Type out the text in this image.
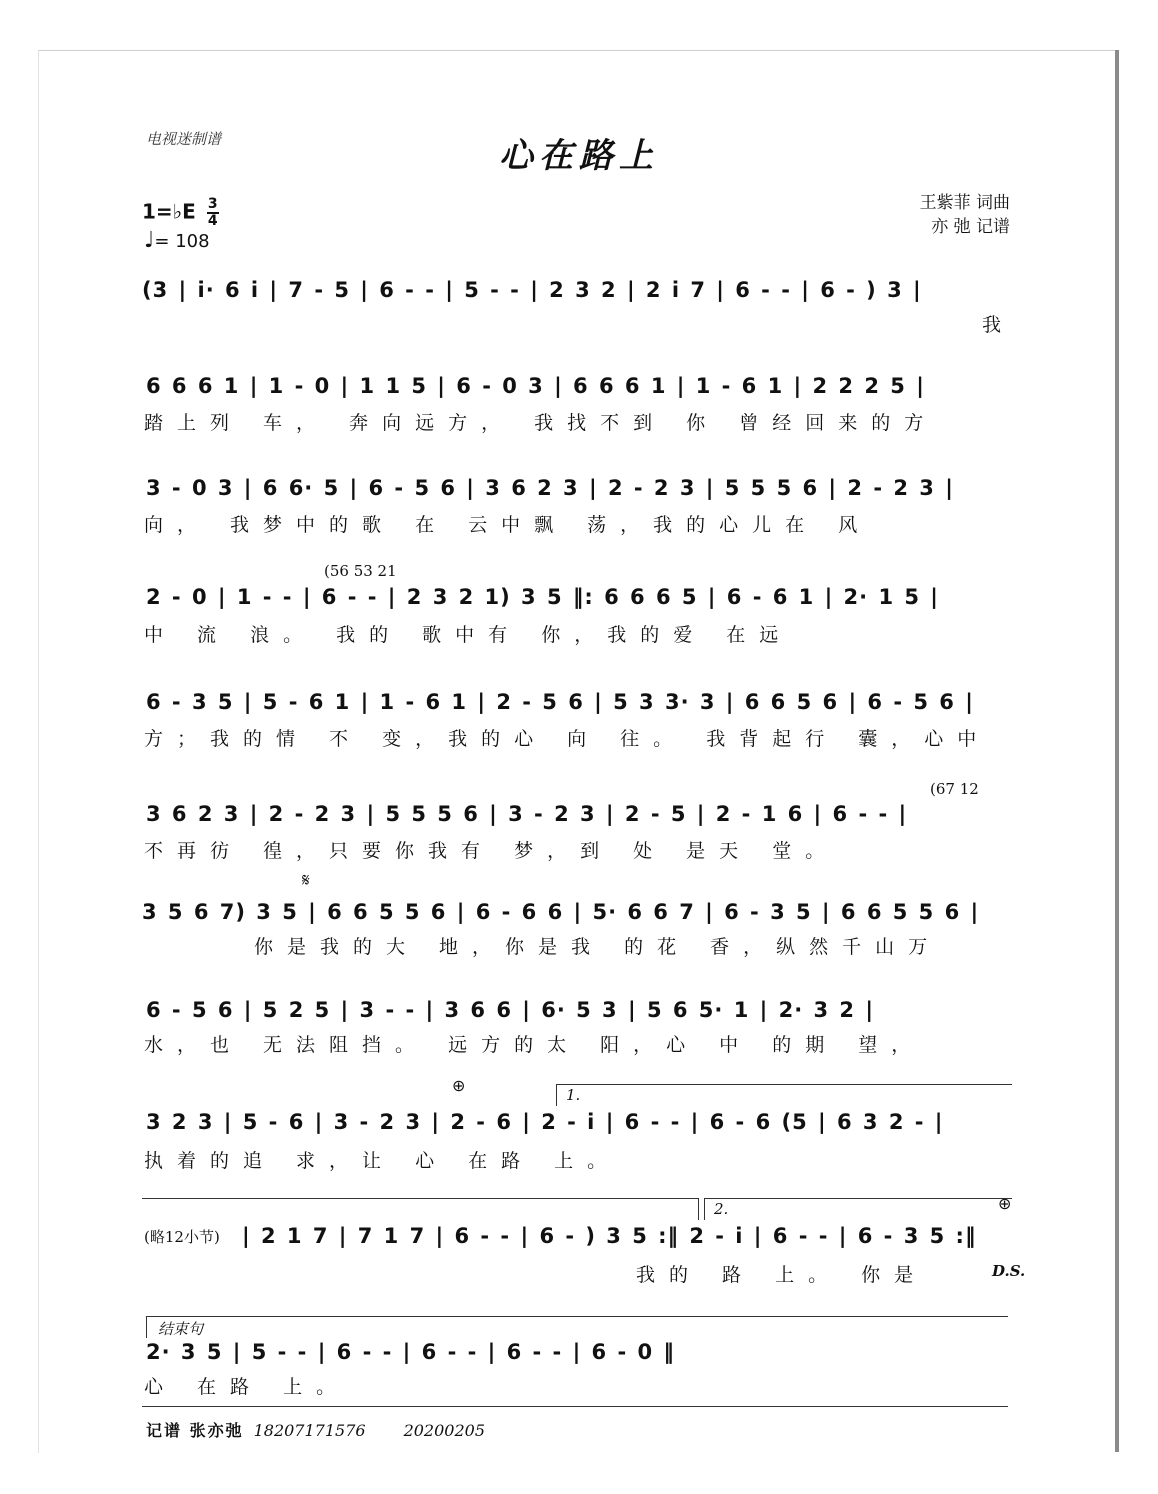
电视迷制谱	心在路上
王紫菲 词曲
亦 弛 记谱
1=♭E $\frac{3}{4}$
♩= 108
(3 | i· 6 i | 7 - 5 | 6 - - | 5 - - | 2 3 2 | 2 i 7 | 6 - - | 6 - ) 3 |
我
6 6 6 1 | 1 - 0 | 1 1 5 | 6 - 0 3 | 6 6 6 1 | 1 - 6 1 | 2 2 2 5 |
踏上列 车， 奔向远方， 我找不到 你 曾经回来的方
3 - 0 3 | 6 6· 5 | 6 - 5 6 | 3 6 2 3 | 2 - 2 3 | 5 5 5 6 | 2 - 2 3 |
向， 我梦中的歌 在 云中飘 荡，我的心儿在 风
(56 53 21
2 - 0 | 1 - - | 6 - - | 2 3 2 1) 3 5 ‖: 6 6 6 5 | 6 - 6 1 | 2· 1 5 |
中 流 浪。 我的 歌中有 你，我的爱 在远
6 - 3 5 | 5 - 6 1 | 1 - 6 1 | 2 - 5 6 | 5 3 3· 3 | 6 6 5 6 | 6 - 5 6 |
方；我的情 不 变，我的心 向 往。 我背起行 囊，心中
(67 12
3 6 2 3 | 2 - 2 3 | 5 5 5 6 | 3 - 2 3 | 2 - 5 | 2 - 1 6 | 6 - - |
不再彷 徨，只要你我有 梦，到 处 是天 堂。
𝄋
3 5 6 7) 3 5 | 6 6 5 5 6 | 6 - 6 6 | 5· 6 6 7 | 6 - 3 5 | 6 6 5 5 6 |
你是我的大 地，你是我 的花 香，纵然千山万
6 - 5 6 | 5 2 5 | 3 - - | 3 6 6 | 6· 5 3 | 5 6 5· 1 | 2· 3 2 |
水，也 无法阻挡。 远方的太 阳，心 中 的期 望，
⊕	1.
3 2 3 | 5 - 6 | 3 - 2 3 | 2 - 6 | 2 - i | 6 - - | 6 - 6 (5 | 6 3 2 - |
执着的追 求，让 心 在路 上。
2.	⊕
(略12小节) | 2 1 7 | 7 1 7 | 6 - - | 6 - ) 3 5 :‖ 2 - i | 6 - - | 6 - 3 5 :‖
我的 路 上。 你是	D.S.
结束句
2· 3 5 | 5 - - | 6 - - | 6 - - | 6 - - | 6 - 0 ‖
心 在路 上。
记谱 张亦弛 18207171576 20200205
